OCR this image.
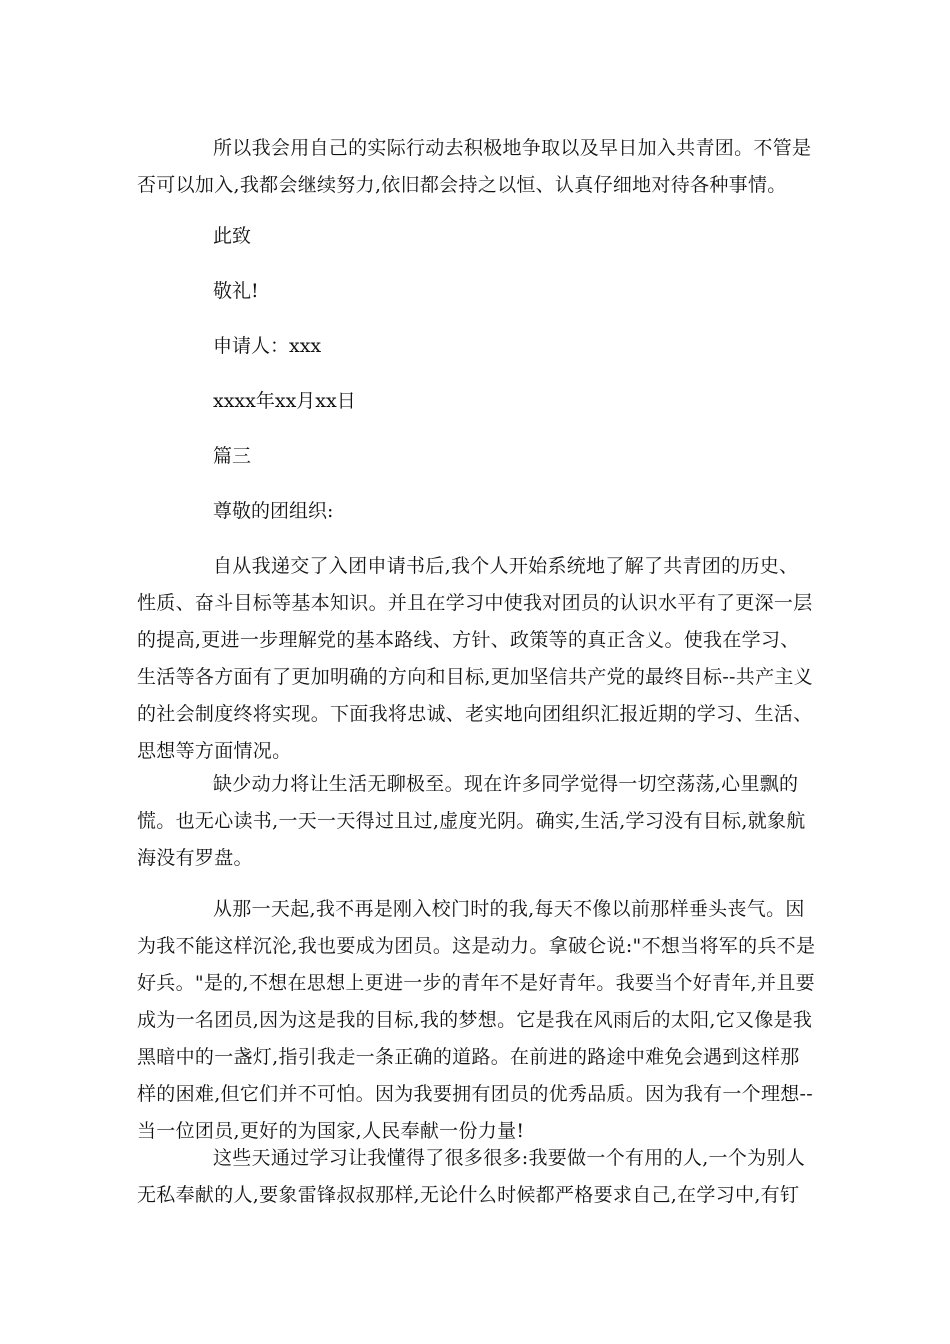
所以我会用自己的实际行动去积极地争取以及早日加入共青团。不管是否可以加入,我都会继续努力,依旧都会持之以恒、认真仔细地对待各种事情。

此致

敬礼!

申请人：xxx

xxxx年xx月xx日

篇三

尊敬的团组织:

自从我递交了入团申请书后,我个人开始系统地了解了共青团的历史、性质、奋斗目标等基本知识。并且在学习中使我对团员的认识水平有了更深一层的提高,更进一步理解党的基本路线、方针、政策等的真正含义。使我在学习、生活等各方面有了更加明确的方向和目标,更加坚信共产党的最终目标--共产主义的社会制度终将实现。下面我将忠诚、老实地向团组织汇报近期的学习、生活、思想等方面情况。

缺少动力将让生活无聊极至。现在许多同学觉得一切空荡荡,心里飘的慌。也无心读书,一天一天得过且过,虚度光阴。确实,生活,学习没有目标,就象航海没有罗盘。

从那一天起,我不再是刚入校门时的我,每天不像以前那样垂头丧气。因为我不能这样沉沦,我也要成为团员。这是动力。拿破仑说:"不想当将军的兵不是好兵。"是的,不想在思想上更进一步的青年不是好青年。我要当个好青年,并且要成为一名团员,因为这是我的目标,我的梦想。它是我在风雨后的太阳,它又像是我黑暗中的一盏灯,指引我走一条正确的道路。在前进的路途中难免会遇到这样那样的困难,但它们并不可怕。因为我要拥有团员的优秀品质。因为我有一个理想--当一位团员,更好的为国家,人民奉献一份力量!

这些天通过学习让我懂得了很多很多:我要做一个有用的人,一个为别人无私奉献的人,要象雷锋叔叔那样,无论什么时候都严格要求自己,在学习中,有钉
